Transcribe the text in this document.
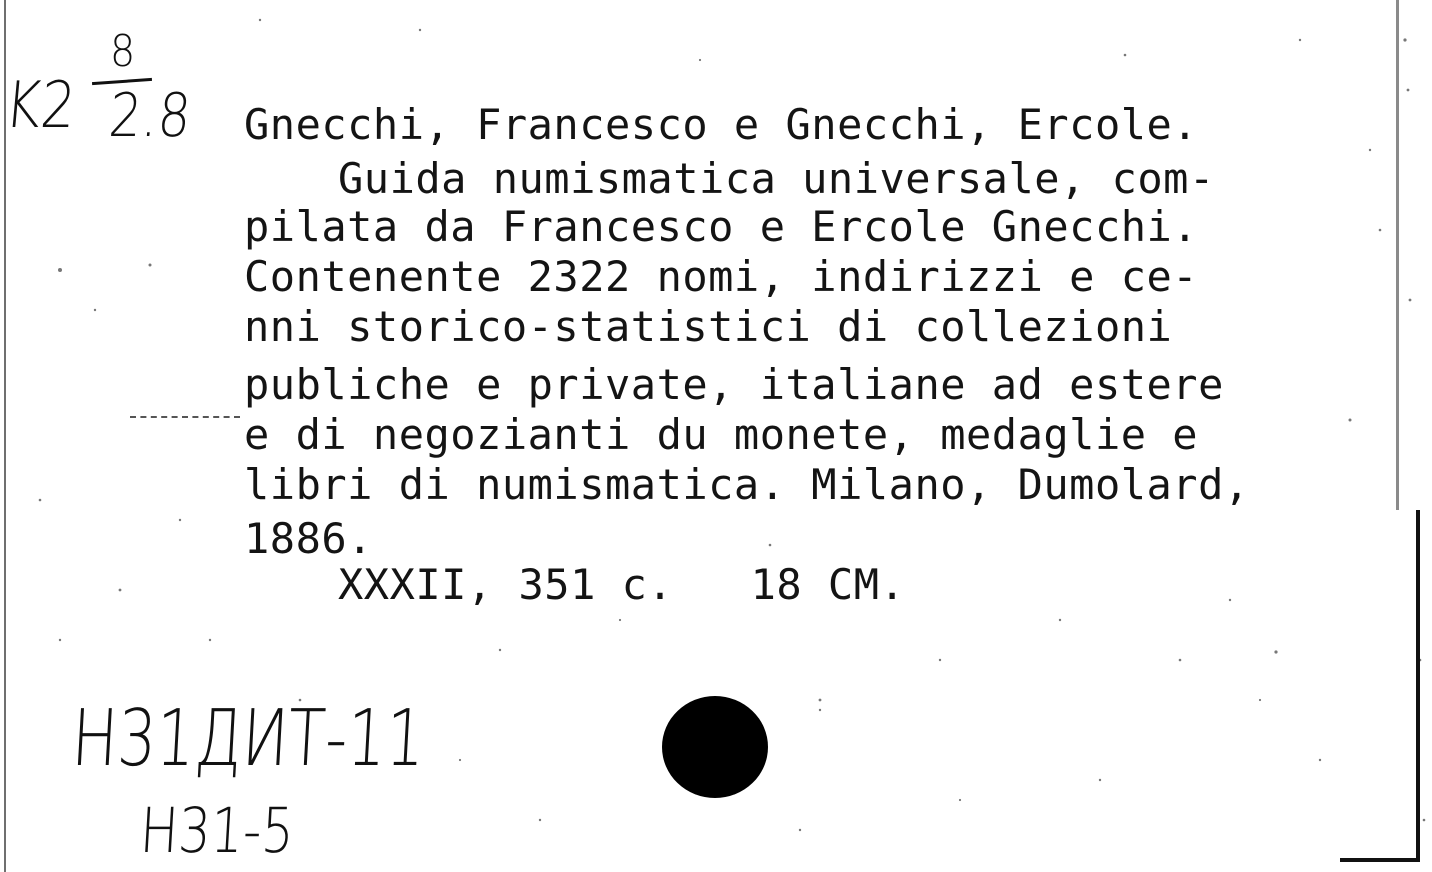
K2
8
2.8 Gnecchi, Francesco e Gnecchi, Ercole.
Guida numismatica universale, com-
pilata da Francesco e Ercole Gnecchi.
Contenente 2322 nomi, indirizzi e ce-
nni storico-statistici di collezioni
publiche e private, italiane ad estere
e di negozianti du monete, medaglie e
libri di numismatica. Milano, Dumolard,
1886.
XXXII, 351 c.   18 CM.
Н31ДИТ-11
Н31-5
